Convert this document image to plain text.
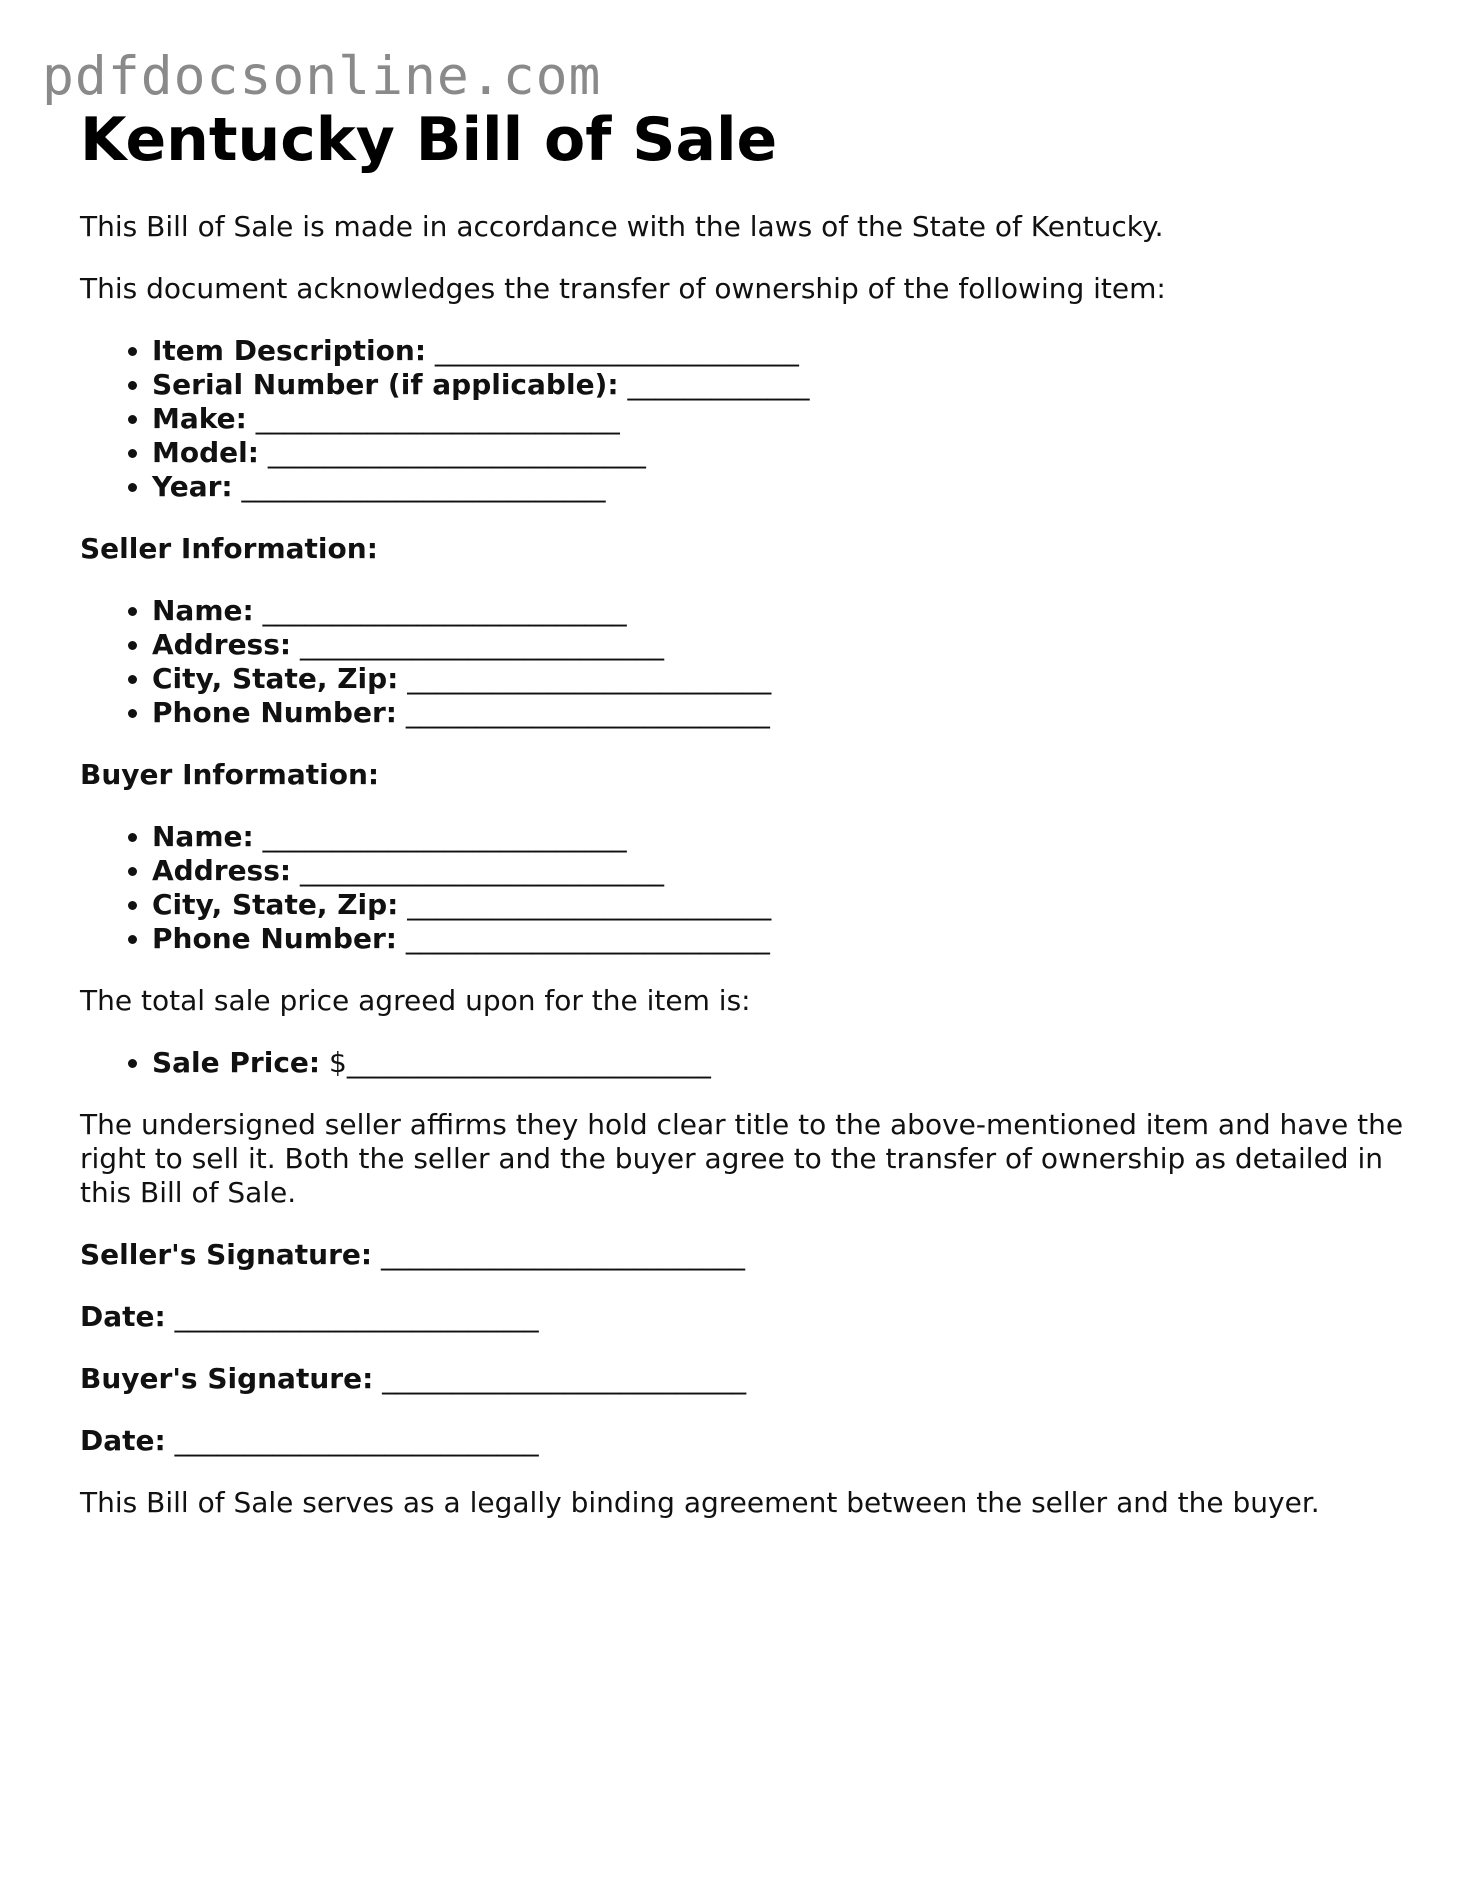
pdfdocsonline.com
Kentucky Bill of Sale

This Bill of Sale is made in accordance with the laws of the State of Kentucky.

This document acknowledges the transfer of ownership of the following item:

• Item Description: __________________________
• Serial Number (if applicable): _____________
• Make: __________________________
• Model: ___________________________
• Year: __________________________

Seller Information:

• Name: __________________________
• Address: __________________________
• City, State, Zip: __________________________
• Phone Number: __________________________

Buyer Information:

• Name: __________________________
• Address: __________________________
• City, State, Zip: __________________________
• Phone Number: __________________________

The total sale price agreed upon for the item is:

• Sale Price: $__________________________

The undersigned seller affirms they hold clear title to the above-mentioned item and have the right to sell it. Both the seller and the buyer agree to the transfer of ownership as detailed in this Bill of Sale.

Seller's Signature: __________________________
Date: __________________________
Buyer's Signature: __________________________
Date: __________________________

This Bill of Sale serves as a legally binding agreement between the seller and the buyer.
